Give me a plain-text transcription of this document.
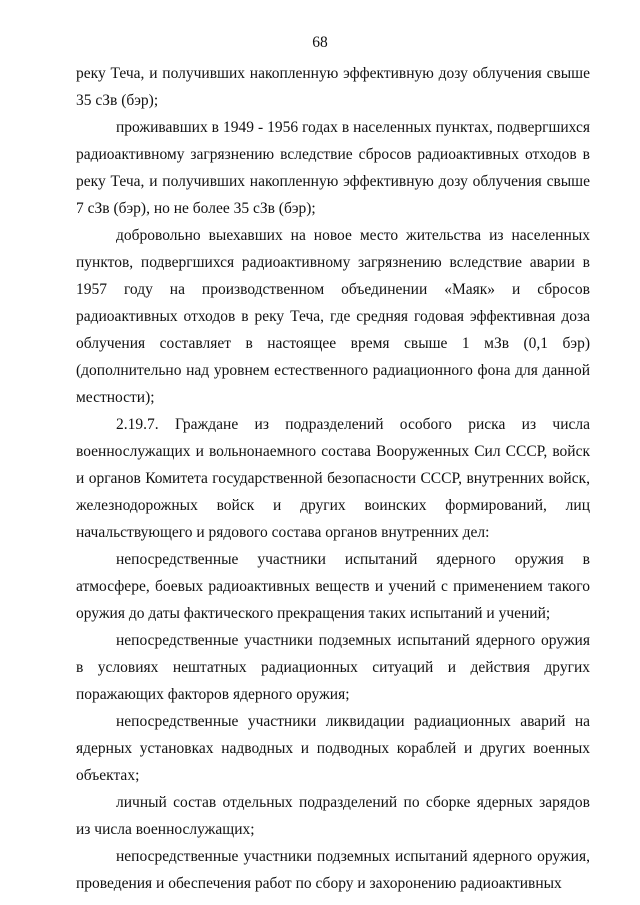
68

реку Теча, и получивших накопленную эффективную дозу облучения свыше 35 сЗв (бэр);

проживавших в 1949 - 1956 годах в населенных пунктах, подвергшихся радиоактивному загрязнению вследствие сбросов радиоактивных отходов в реку Теча, и получивших накопленную эффективную дозу облучения свыше 7 сЗв (бэр), но не более 35 сЗв (бэр);

добровольно выехавших на новое место жительства из населенных пунктов, подвергшихся радиоактивному загрязнению вследствие аварии в 1957 году на производственном объединении «Маяк» и сбросов радиоактивных отходов в реку Теча, где средняя годовая эффективная доза облучения составляет в настоящее время свыше 1 мЗв (0,1 бэр) (дополнительно над уровнем естественного радиационного фона для данной местности);

2.19.7. Граждане из подразделений особого риска из числа военнослужащих и вольнонаемного состава Вооруженных Сил СССР, войск и органов Комитета государственной безопасности СССР, внутренних войск, железнодорожных войск и других воинских формирований, лиц начальствующего и рядового состава органов внутренних дел:

непосредственные участники испытаний ядерного оружия в атмосфере, боевых радиоактивных веществ и учений с применением такого оружия до даты фактического прекращения таких испытаний и учений;

непосредственные участники подземных испытаний ядерного оружия в условиях нештатных радиационных ситуаций и действия других поражающих факторов ядерного оружия;

непосредственные участники ликвидации радиационных аварий на ядерных установках надводных и подводных кораблей и других военных объектах;

личный состав отдельных подразделений по сборке ядерных зарядов из числа военнослужащих;

непосредственные участники подземных испытаний ядерного оружия, проведения и обеспечения работ по сбору и захоронению радиоактивных
